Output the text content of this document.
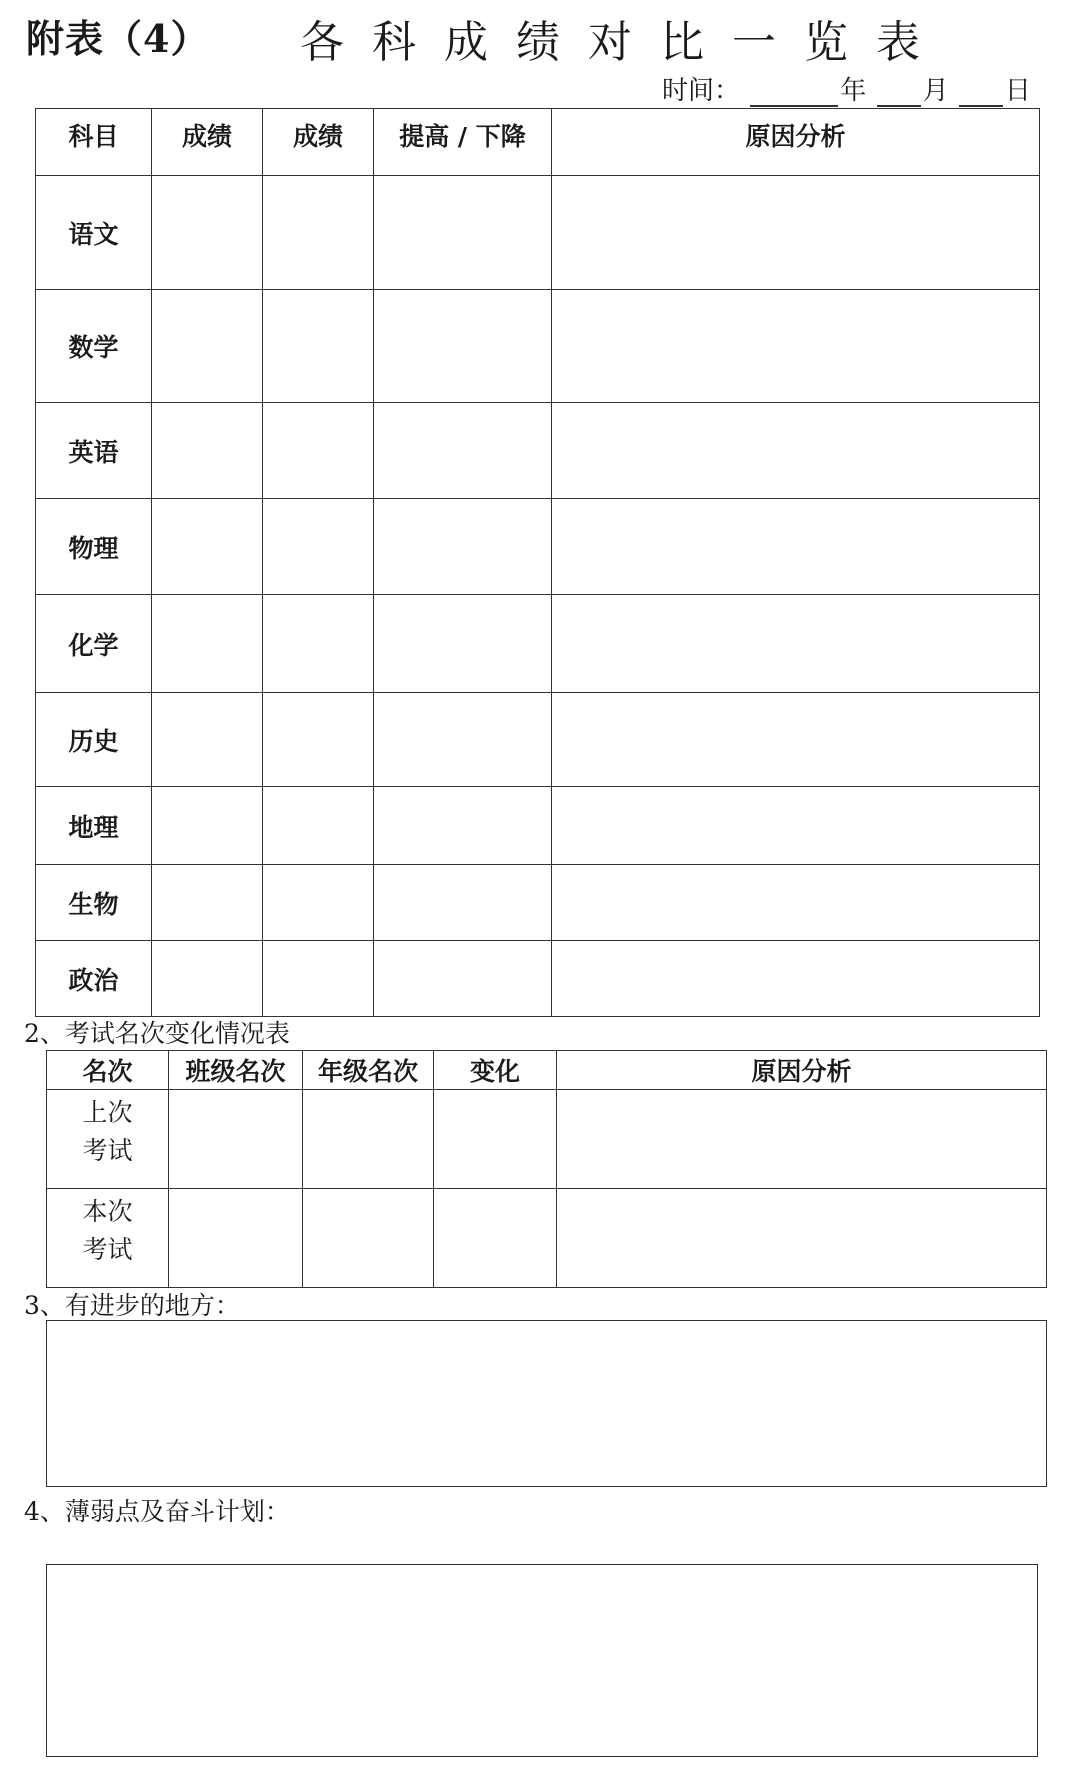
附表（4） 各科成绩对比一览表
时间：	年 月 日
科目	成绩	成绩	提高 / 下降	原因分析
语文				
数学				
英语				
物理				
化学				
历史				
地理				
生物				
政治				
2、考试名次变化情况表
名次	班级名次	年级名次	变化	原因分析

上次
考试				

本次
考试				

3、有进步的地方：
4、薄弱点及奋斗计划：
